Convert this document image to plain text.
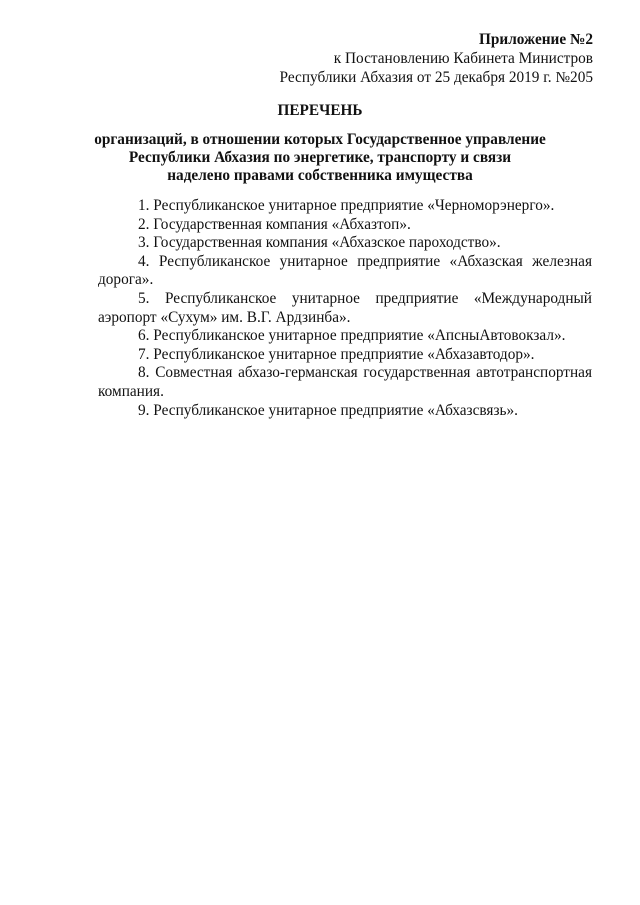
Приложение №2
к Постановлению Кабинета Министров
Республики Абхазия от 25 декабря 2019 г. №205
ПЕРЕЧЕНЬ
организаций, в отношении которых Государственное управление
Республики Абхазия по энергетике, транспорту и связи
наделено правами собственника имущества

1. Республиканское унитарное предприятие «Черноморэнерго».

2. Государственная компания «Абхазтоп».

3. Государственная компания «Абхазское пароходство».

4. Республиканское унитарное предприятие «Абхазская железная дорога».

5. Республиканское унитарное предприятие «Международный аэропорт «Сухум» им. В.Г. Ардзинба».

6. Республиканское унитарное предприятие «АпсныАвтовокзал».

7. Республиканское унитарное предприятие «Абхазавтодор».

8. Совместная абхазо-германская государственная автотранспортная компания.

9. Республиканское унитарное предприятие «Абхазсвязь».
